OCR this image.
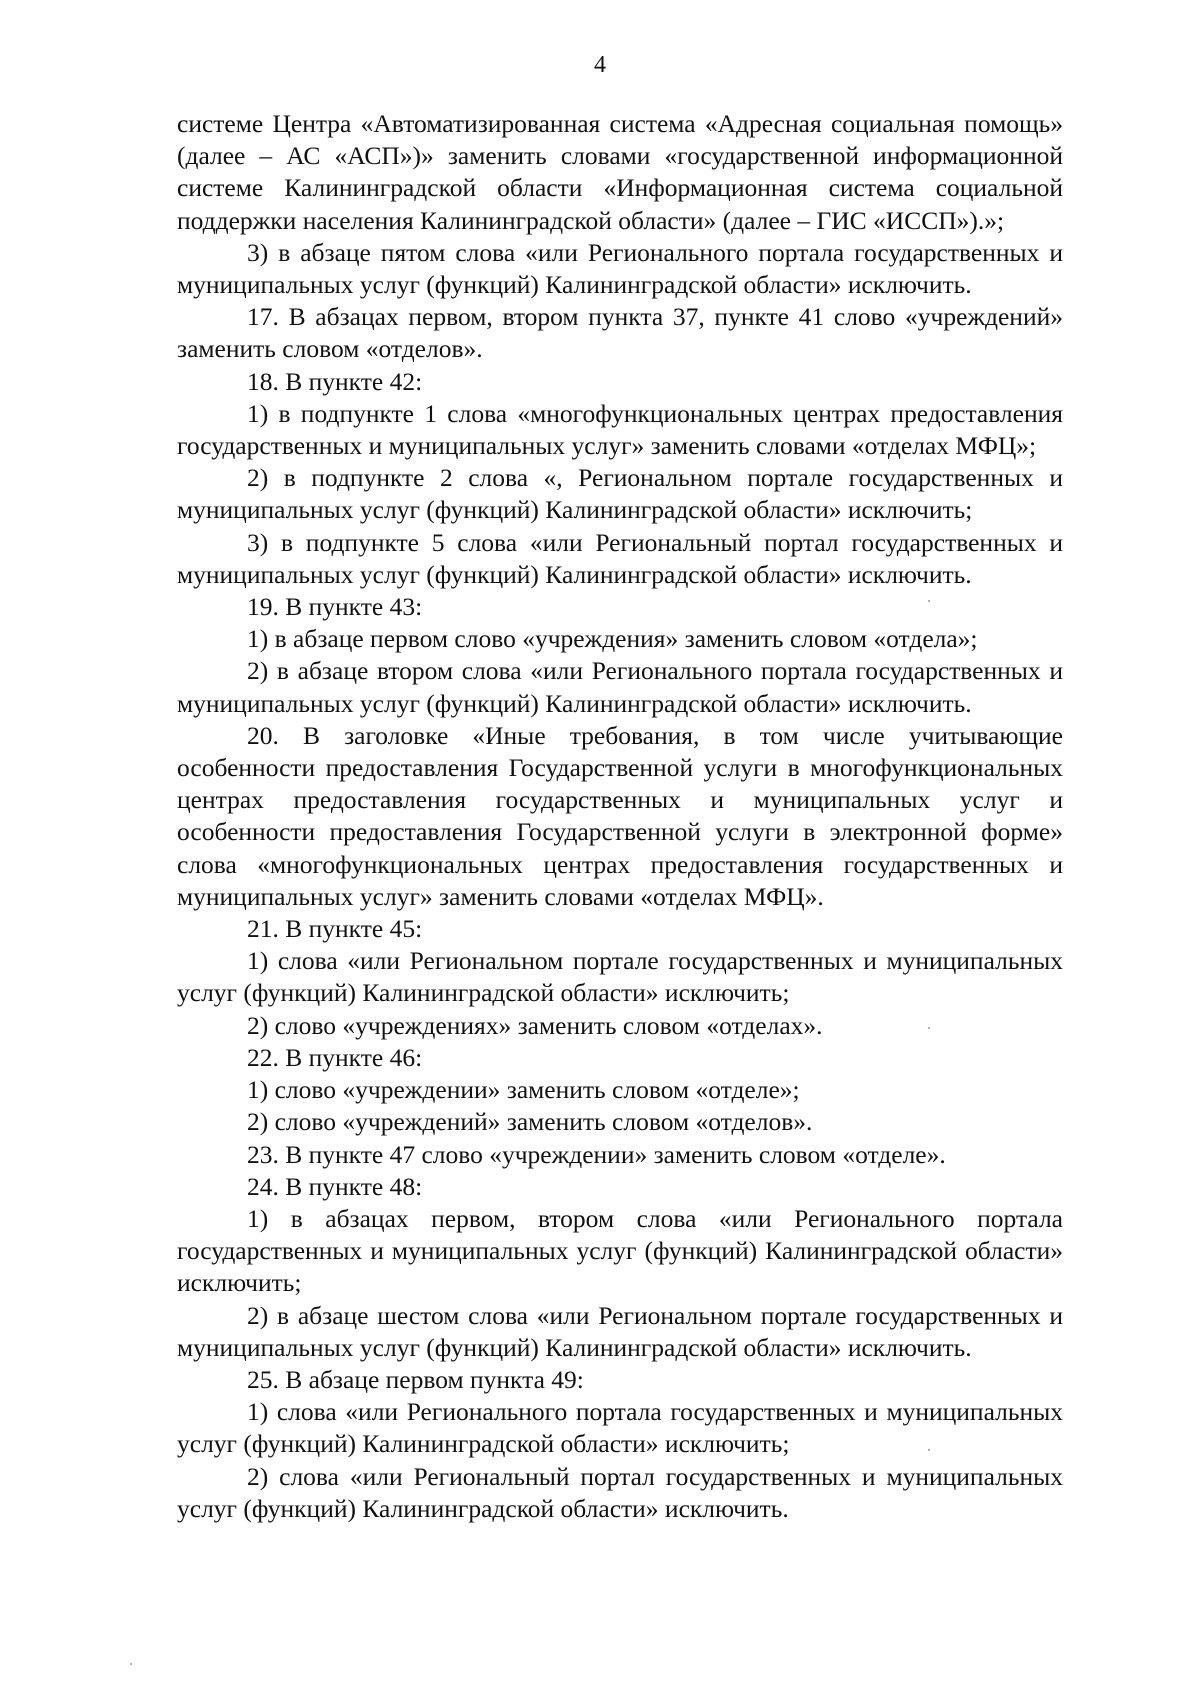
4

системе Центра «Автоматизированная система «Адресная социальная помощь» (далее – АС «АСП»)» заменить словами «государственной информационной системе Калининградской области «Информационная система социальной поддержки населения Калининградской области» (далее – ГИС «ИССП»).»;

3) в абзаце пятом слова «или Регионального портала государственных и муниципальных услуг (функций) Калининградской области» исключить.

17. В абзацах первом, втором пункта 37, пункте 41 слово «учреждений» заменить словом «отделов».

18. В пункте 42:

1) в подпункте 1 слова «многофункциональных центрах предоставления государственных и муниципальных услуг» заменить словами «отделах МФЦ»;

2) в подпункте 2 слова «, Региональном портале государственных и муниципальных услуг (функций) Калининградской области» исключить;

3) в подпункте 5 слова «или Региональный портал государственных и муниципальных услуг (функций) Калининградской области» исключить.

19. В пункте 43:

1) в абзаце первом слово «учреждения» заменить словом «отдела»;

2) в абзаце втором слова «или Регионального портала государственных и муниципальных услуг (функций) Калининградской области» исключить.

20. В заголовке «Иные требования, в том числе учитывающие особенности предоставления Государственной услуги в многофункциональных центрах предоставления государственных и муниципальных услуг и особенности предоставления Государственной услуги в электронной форме» слова «многофункциональных центрах предоставления государственных и муниципальных услуг» заменить словами «отделах МФЦ».

21. В пункте 45:

1) слова «или Региональном портале государственных и муниципальных услуг (функций) Калининградской области» исключить;

2) слово «учреждениях» заменить словом «отделах».

22. В пункте 46:

1) слово «учреждении» заменить словом «отделе»;

2) слово «учреждений» заменить словом «отделов».

23. В пункте 47 слово «учреждении» заменить словом «отделе».

24. В пункте 48:

1) в абзацах первом, втором слова «или Регионального портала государственных и муниципальных услуг (функций) Калининградской области» исключить;

2) в абзаце шестом слова «или Региональном портале государственных и муниципальных услуг (функций) Калининградской области» исключить.

25. В абзаце первом пункта 49:

1) слова «или Регионального портала государственных и муниципальных услуг (функций) Калининградской области» исключить;

2) слова «или Региональный портал государственных и муниципальных услуг (функций) Калининградской области» исключить.
